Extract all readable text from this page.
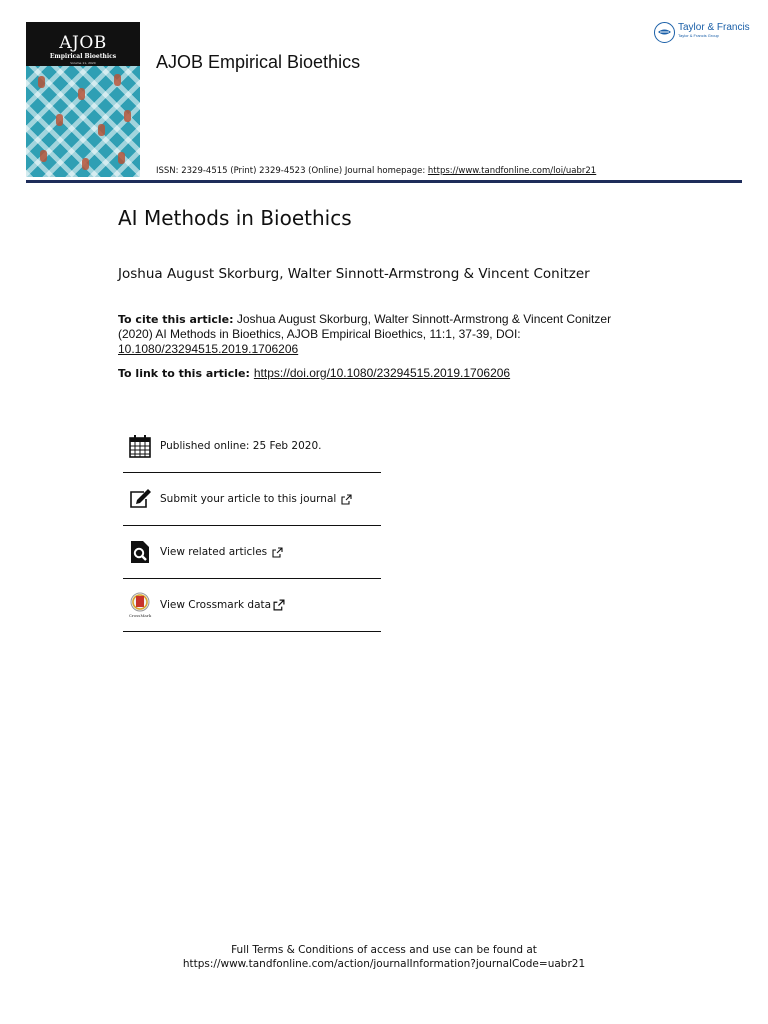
AJOB
Empirical Bioethics
Volume 11, 2020	AJOB Empirical Bioethics
Taylor & Francis
Taylor & Francis Group
ISSN: 2329-4515 (Print) 2329-4523 (Online) Journal homepage: https://www.tandfonline.com/loi/uabr21
AI Methods in Bioethics
Joshua August Skorburg, Walter Sinnott-Armstrong & Vincent Conitzer
To cite this article: Joshua August Skorburg, Walter Sinnott-Armstrong & Vincent Conitzer (2020) AI Methods in Bioethics, AJOB Empirical Bioethics, 11:1, 37-39, DOI: 10.1080/23294515.2019.1706206
To link to this article: https://doi.org/10.1080/23294515.2019.1706206
Published online: 25 Feb 2020.
Submit your article to this journal
View related articles
CrossMark
View Crossmark data
Full Terms & Conditions of access and use can be found at
https://www.tandfonline.com/action/journalInformation?journalCode=uabr21
